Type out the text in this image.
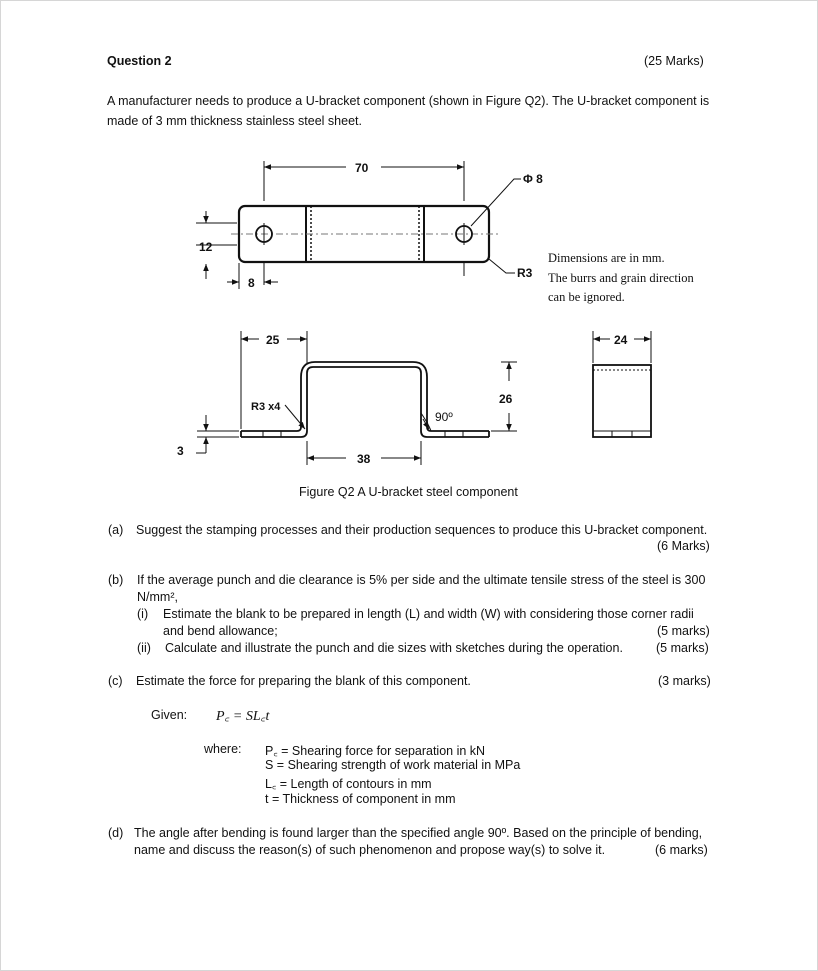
Question 2	(25 Marks)
A manufacturer needs to produce a U-bracket component (shown in Figure Q2). The U-bracket component is
made of 3 mm thickness stainless steel sheet.
70
Φ 8
R3
12
8
25
R3 x4
90º
26
3
38
24
Dimensions are in mm.
The burrs and grain direction
can be ignored.
Figure Q2 A U-bracket steel component
(a) Suggest the stamping processes and their production sequences to produce this U-bracket component.
(6 Marks)
(b) If the average punch and die clearance is 5% per side and the ultimate tensile stress of the steel is 300
N/mm²,
(i) Estimate the blank to be prepared in length (L) and width (W) with considering those corner radii
and bend allowance;	(5 marks)
(ii) Calculate and illustrate the punch and die sizes with sketches during the operation.	(5 marks)
(c) Estimate the force for preparing the blank of this component.	(3 marks)
Given: P꜀ = SL꜀t
where: P꜀ = Shearing force for separation in kN
S = Shearing strength of work material in MPa
L꜀ = Length of contours in mm
t = Thickness of component in mm
(d) The angle after bending is found larger than the specified angle 90º. Based on the principle of bending,
name and discuss the reason(s) of such phenomenon and propose way(s) to solve it.	(6 marks)
